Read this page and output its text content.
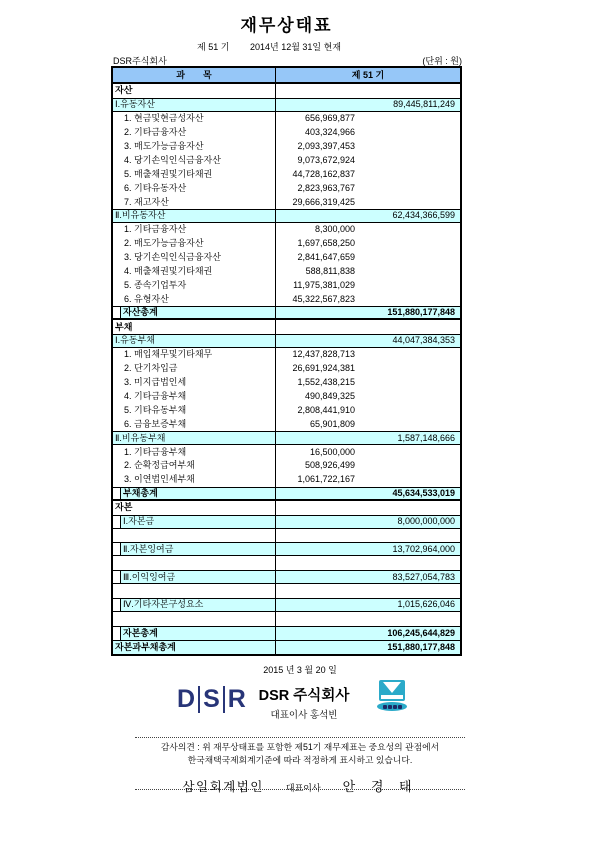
재무상태표
제 51 기 2014년 12월 31일 현재
DSR주식회사	(단위 : 원)
과　　목	제 51 기
자산
Ⅰ.유동자산	89,445,811,249
1. 현금및현금성자산	656,969,877
2. 기타금융자산	403,324,966
3. 매도가능금융자산	2,093,397,453
4. 당기손익인식금융자산	9,073,672,924
5. 매출채권및기타채권	44,728,162,837
6. 기타유동자산	2,823,963,767
7. 재고자산	29,666,319,425
Ⅱ.비유동자산	62,434,366,599
1. 기타금융자산	8,300,000
2. 매도가능금융자산	1,697,658,250
3. 당기손익인식금융자산	2,841,647,659
4. 매출채권및기타채권	588,811,838
5. 종속기업투자	11,975,381,029
6. 유형자산	45,322,567,823
자산총계	151,880,177,848
부채
Ⅰ.유동부채	44,047,384,353
1. 매입채무및기타채무	12,437,828,713
2. 단기차입금	26,691,924,381
3. 미지급법인세	1,552,438,215
4. 기타금융부채	490,849,325
5. 기타유동부채	2,808,441,910
6. 금융보증부채	65,901,809
Ⅱ.비유동부채	1,587,148,666
1. 기타금융부채	16,500,000
2. 순확정급여부채	508,926,499
3. 이연법인세부채	1,061,722,167
부채총계	45,634,533,019
자본
Ⅰ.자본금	8,000,000,000
Ⅱ.자본잉여금	13,702,964,000
Ⅲ.이익잉여금	83,527,054,783
Ⅳ.기타자본구성요소	1,015,626,046
자본총계	106,245,644,829
자본과부채총계	151,880,177,848
2015 년 3 월 20 일
D S R DSR 주식회사
대표이사 홍석빈
감사의견 : 위 재무상태표를 포함한 제51기 재무제표는 중요성의 관점에서
한국채택국제회계기준에 따라 적정하게 표시하고 있습니다.
삼일회계법인 대표이사 안 경 태
